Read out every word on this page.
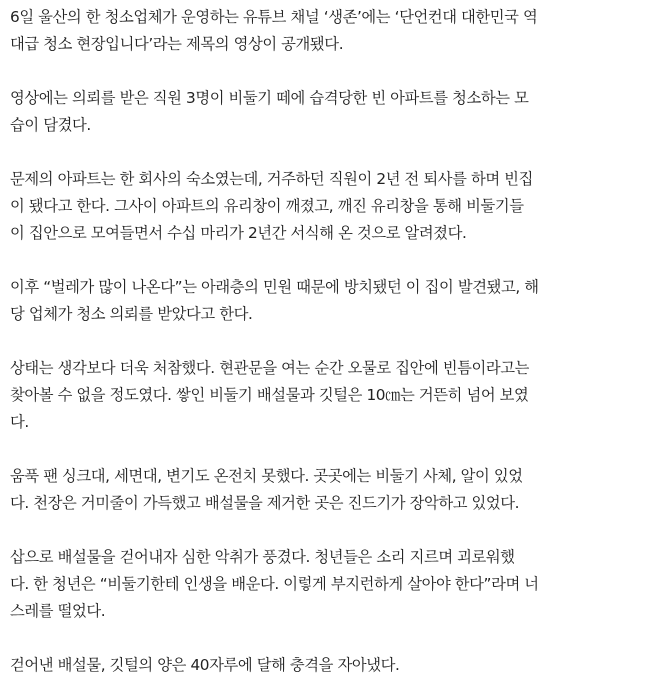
6일 울산의 한 청소업체가 운영하는 유튜브 채널 ‘생존’에는 ‘단언컨대 대한민국 역
대급 청소 현장입니다’라는 제목의 영상이 공개됐다.

영상에는 의뢰를 받은 직원 3명이 비둘기 떼에 습격당한 빈 아파트를 청소하는 모
습이 담겼다.

문제의 아파트는 한 회사의 숙소였는데, 거주하던 직원이 2년 전 퇴사를 하며 빈집
이 됐다고 한다. 그사이 아파트의 유리창이 깨졌고, 깨진 유리창을 통해 비둘기들
이 집안으로 모여들면서 수십 마리가 2년간 서식해 온 것으로 알려졌다.

이후 “벌레가 많이 나온다”는 아래층의 민원 때문에 방치됐던 이 집이 발견됐고, 해
당 업체가 청소 의뢰를 받았다고 한다.

상태는 생각보다 더욱 처참했다. 현관문을 여는 순간 오물로 집안에 빈틈이라고는
찾아볼 수 없을 정도였다. 쌓인 비둘기 배설물과 깃털은 10㎝는 거뜬히 넘어 보였
다.

움푹 팬 싱크대, 세면대, 변기도 온전치 못했다. 곳곳에는 비둘기 사체, 알이 있었
다. 천장은 거미줄이 가득했고 배설물을 제거한 곳은 진드기가 장악하고 있었다.

삽으로 배설물을 걷어내자 심한 악취가 풍겼다. 청년들은 소리 지르며 괴로워했
다. 한 청년은 “비둘기한테 인생을 배운다. 이렇게 부지런하게 살아야 한다”라며 너
스레를 떨었다.

걷어낸 배설물, 깃털의 양은 40자루에 달해 충격을 자아냈다.
